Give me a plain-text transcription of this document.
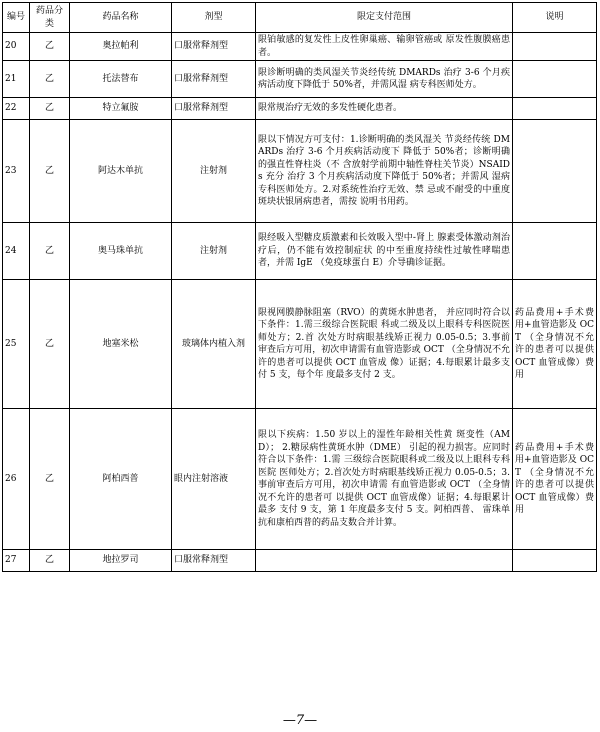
编号	药品分类	药品名称	剂型	限定支付范围	说明
20	乙	奥拉帕利	口服常释剂型	限铂敏感的复发性上皮性卵巢癌、输卵管癌或 原发性腹膜癌患者。	
21	乙	托法替布	口服常释剂型	限诊断明确的类风湿关节炎经传统 DMARDs 治疗 3-6 个月疾病活动度下降低于 50%者，并需风湿 病专科医师处方。	
22	乙	特立氟胺	口服常释剂型	限常规治疗无效的多发性硬化患者。	
23	乙	阿达木单抗	注射剂	限以下情况方可支付：1.诊断明确的类风湿关 节炎经传统 DMARDs 治疗 3-6 个月疾病活动度下 降低于 50%者；诊断明确的强直性脊柱炎（不 含放射学前期中轴性脊柱关节炎）NSAIDs 充分 治疗 3 个月疾病活动度下降低于 50%者；并需风 湿病专科医师处方。2.对系统性治疗无效、禁 忌或不耐受的中重度斑块状银屑病患者，需按 说明书用药。	
24	乙	奥马珠单抗	注射剂	限经吸入型糖皮质激素和长效吸入型中-肾上 腺素受体激动剂治疗后，仍不能有效控制症状 的中至重度持续性过敏性哮喘患者，并需 IgE （免疫球蛋白 E）介导确诊证据。	
25	乙	地塞米松	玻璃体内植入剂	限视网膜静脉阻塞（RVO）的黄斑水肿患者， 并应同时符合以下条件：1.需三级综合医院眼 科或二级及以上眼科专科医院医师处方；2.首 次处方时病眼基线矫正视力 0.05-0.5；3.事前 审查后方可用，初次申请需有血管造影或 OCT （全身情况不允许的患者可以提供 OCT 血管成 像）证据；4.每眼累计最多支付 5 支，每个年 度最多支付 2 支。	药品费用+手术费用+血管造影及 OCT （全身情况不允许的患者可以提供 OCT 血管成像）费用
26	乙	阿柏西普	眼内注射溶液	限以下疾病：1.50 岁以上的湿性年龄相关性黄 斑变性（AMD）； 2.糖尿病性黄斑水肿（DME） 引起的视力损害。应同时符合以下条件：1.需 三级综合医院眼科或二级及以上眼科专科医院 医师处方；2.首次处方时病眼基线矫正视力 0.05-0.5；3.事前审查后方可用，初次申请需 有血管造影或 OCT （全身情况不允许的患者可 以提供 OCT 血管成像）证据；4.每眼累计最多 支付 9 支，第 1 年度最多支付 5 支。阿柏西普、 雷珠单抗和康柏西普的药品支数合并计算。	药品费用+手术费用+血管造影及 OCT （全身情况不允许的患者可以提供 OCT 血管成像）费用
27	乙	地拉罗司	口服常释剂型		
—7—
